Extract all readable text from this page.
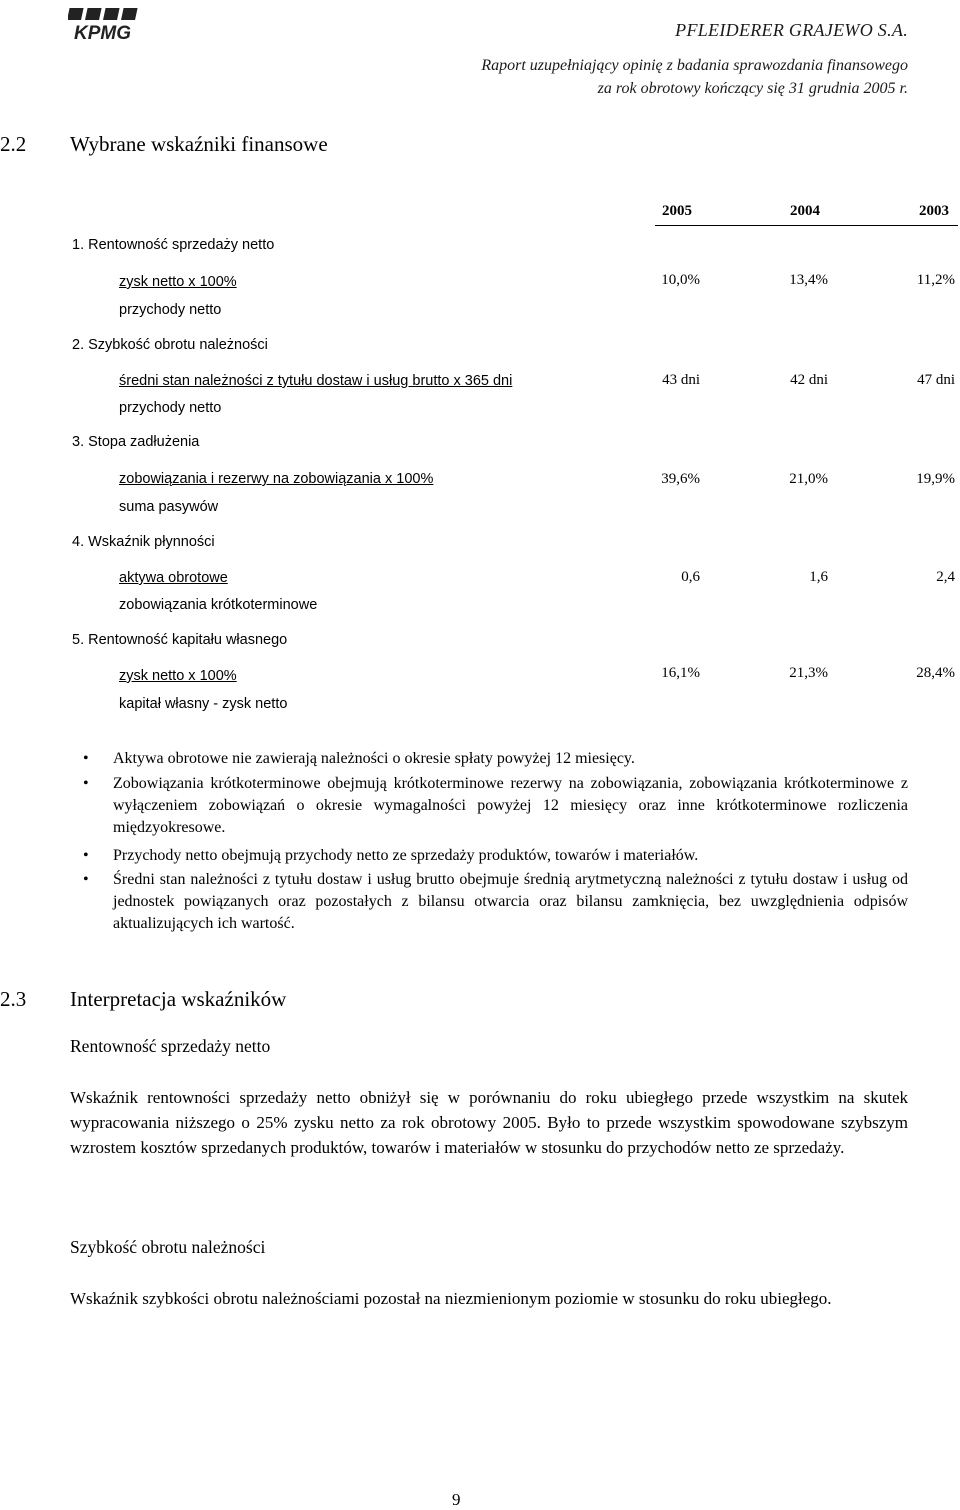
KPMG	PFLEIDERER GRAJEWO S.A.
Raport uzupełniający opinię z badania sprawozdania finansowego
za rok obrotowy kończący się 31 grudnia 2005 r.
2.2 Wybrane wskaźniki finansowe
2005	2004	2003
1. Rentowność sprzedaży netto
zysk netto x 100%
przychody netto
10,0%	13,4%	11,2%
2. Szybkość obrotu należności
średni stan należności z tytułu dostaw i usług brutto x 365 dni
przychody netto
43 dni	42 dni	47 dni
3. Stopa zadłużenia
zobowiązania i rezerwy na zobowiązania x 100%
suma pasywów
39,6%	21,0%	19,9%
4. Wskaźnik płynności
aktywa obrotowe
zobowiązania krótkoterminowe
0,6	1,6	2,4
5. Rentowność kapitału własnego
zysk netto x 100%
kapitał własny - zysk netto
16,1%	21,3%	28,4%
• Aktywa obrotowe nie zawierają należności o okresie spłaty powyżej 12 miesięcy.
• Zobowiązania krótkoterminowe obejmują krótkoterminowe rezerwy na zobowiązania, zobowiązania krótkoterminowe z wyłączeniem zobowiązań o okresie wymagalności powyżej 12 miesięcy oraz inne krótkoterminowe rozliczenia międzyokresowe.
• Przychody netto obejmują przychody netto ze sprzedaży produktów, towarów i materiałów.
• Średni stan należności z tytułu dostaw i usług brutto obejmuje średnią arytmetyczną należności z tytułu dostaw i usług od jednostek powiązanych oraz pozostałych z bilansu otwarcia oraz bilansu zamknięcia, bez uwzględnienia odpisów aktualizujących ich wartość.
2.3 Interpretacja wskaźników
Rentowność sprzedaży netto
Wskaźnik rentowności sprzedaży netto obniżył się w porównaniu do roku ubiegłego przede wszystkim na skutek wypracowania niższego o 25% zysku netto za rok obrotowy 2005. Było to przede wszystkim spowodowane szybszym wzrostem kosztów sprzedanych produktów, towarów i materiałów w stosunku do przychodów netto ze sprzedaży.
Szybkość obrotu należności
Wskaźnik szybkości obrotu należnościami pozostał na niezmienionym poziomie w stosunku do roku ubiegłego.
9
